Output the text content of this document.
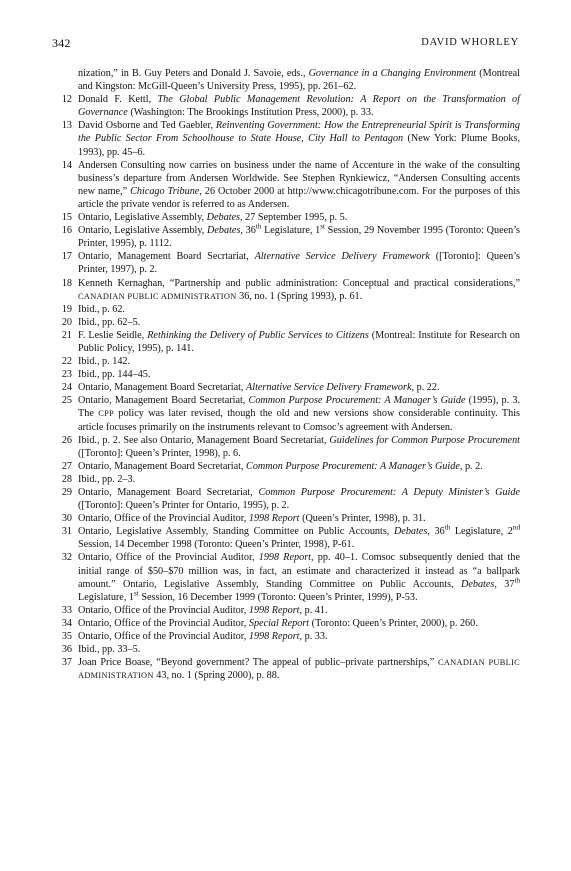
342	DAVID WHORLEY
nization,” in B. Guy Peters and Donald J. Savoie, eds., Governance in a Changing Environment (Montreal and Kingston: McGill-Queen’s University Press, 1995), pp. 261–62.
12 Donald F. Kettl, The Global Public Management Revolution: A Report on the Transformation of Governance (Washington: The Brookings Institution Press, 2000), p. 33.
13 David Osborne and Ted Gaebler, Reinventing Government: How the Entrepreneurial Spirit is Transforming the Public Sector From Schoolhouse to State House, City Hall to Pentagon (New York: Plume Books, 1993), pp. 45–6.
14 Andersen Consulting now carries on business under the name of Accenture in the wake of the consulting business’s departure from Andersen Worldwide. See Stephen Rynkiewicz, “Andersen Consulting accents new name,” Chicago Tribune, 26 October 2000 at http://www.chicagotribune.com. For the purposes of this article the private vendor is referred to as Andersen.
15 Ontario, Legislative Assembly, Debates, 27 September 1995, p. 5.
16 Ontario, Legislative Assembly, Debates, 36th Legislature, 1st Session, 29 November 1995 (Toronto: Queen’s Printer, 1995), p. 1112.
17 Ontario, Management Board Secrtariat, Alternative Service Delivery Framework ([Toronto]: Queen’s Printer, 1997), p. 2.
18 Kenneth Kernaghan, “Partnership and public administration: Conceptual and practical considerations,” CANADIAN PUBLIC ADMINISTRATION 36, no. 1 (Spring 1993), p. 61.
19 Ibid., p. 62.
20 Ibid., pp. 62–5.
21 F. Leslie Seidle, Rethinking the Delivery of Public Services to Citizens (Montreal: Institute for Research on Public Policy, 1995), p. 141.
22 Ibid., p. 142.
23 Ibid., pp. 144–45.
24 Ontario, Management Board Secretariat, Alternative Service Delivery Framework, p. 22.
25 Ontario, Management Board Secretariat, Common Purpose Procurement: A Manager’s Guide (1995), p. 3. The CPP policy was later revised, though the old and new versions show considerable continuity. This article focuses primarily on the instruments relevant to Comsoc’s agreement with Andersen.
26 Ibid., p. 2. See also Ontario, Management Board Secretariat, Guidelines for Common Purpose Procurement ([Toronto]: Queen’s Printer, 1998), p. 6.
27 Ontario, Management Board Secretariat, Common Purpose Procurement: A Manager’s Guide, p. 2.
28 Ibid., pp. 2–3.
29 Ontario, Management Board Secretariat, Common Purpose Procurement: A Deputy Minister’s Guide ([Toronto]: Queen’s Printer for Ontario, 1995), p. 2.
30 Ontario, Office of the Provincial Auditor, 1998 Report (Queen’s Printer, 1998), p. 31.
31 Ontario, Legislative Assembly, Standing Committee on Public Accounts, Debates, 36th Legislature, 2nd Session, 14 December 1998 (Toronto: Queen’s Printer, 1998), P-61.
32 Ontario, Office of the Provincial Auditor, 1998 Report, pp. 40–1. Comsoc subsequently denied that the initial range of $50–$70 million was, in fact, an estimate and characterized it instead as “a ballpark amount.” Ontario, Legislative Assembly, Standing Committee on Public Accounts, Debates, 37th Legislature, 1st Session, 16 December 1999 (Toronto: Queen’s Printer, 1999), P-53.
33 Ontario, Office of the Provincial Auditor, 1998 Report, p. 41.
34 Ontario, Office of the Provincial Auditor, Special Report (Toronto: Queen’s Printer, 2000), p. 260.
35 Ontario, Office of the Provincial Auditor, 1998 Report, p. 33.
36 Ibid., pp. 33–5.
37 Joan Price Boase, “Beyond government? The appeal of public–private partnerships,” CANADIAN PUBLIC ADMINISTRATION 43, no. 1 (Spring 2000), p. 88.
